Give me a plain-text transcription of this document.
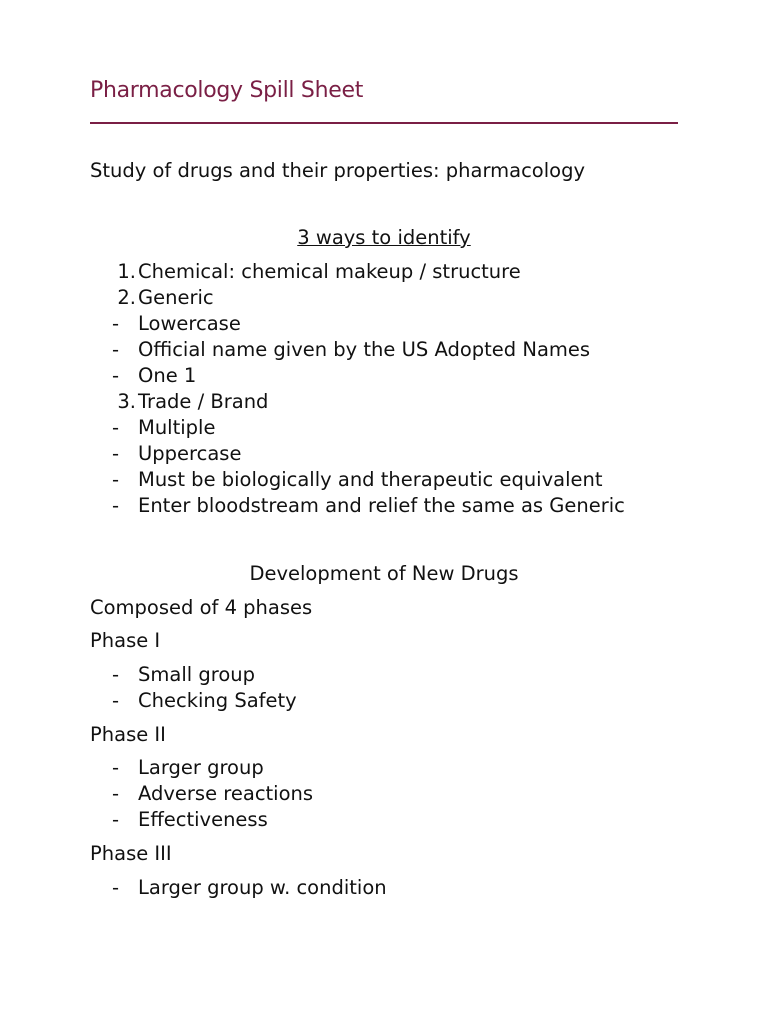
Pharmacology Spill Sheet
Study of drugs and their properties: pharmacology
3 ways to identify
1. Chemical: chemical makeup / structure
2. Generic
- Lowercase
- Official name given by the US Adopted Names
- One 1
3. Trade / Brand
- Multiple
- Uppercase
- Must be biologically and therapeutic equivalent
- Enter bloodstream and relief the same as Generic
Development of New Drugs
Composed of 4 phases
Phase I
- Small group
- Checking Safety
Phase II
- Larger group
- Adverse reactions
- Effectiveness
Phase III
- Larger group w. condition
